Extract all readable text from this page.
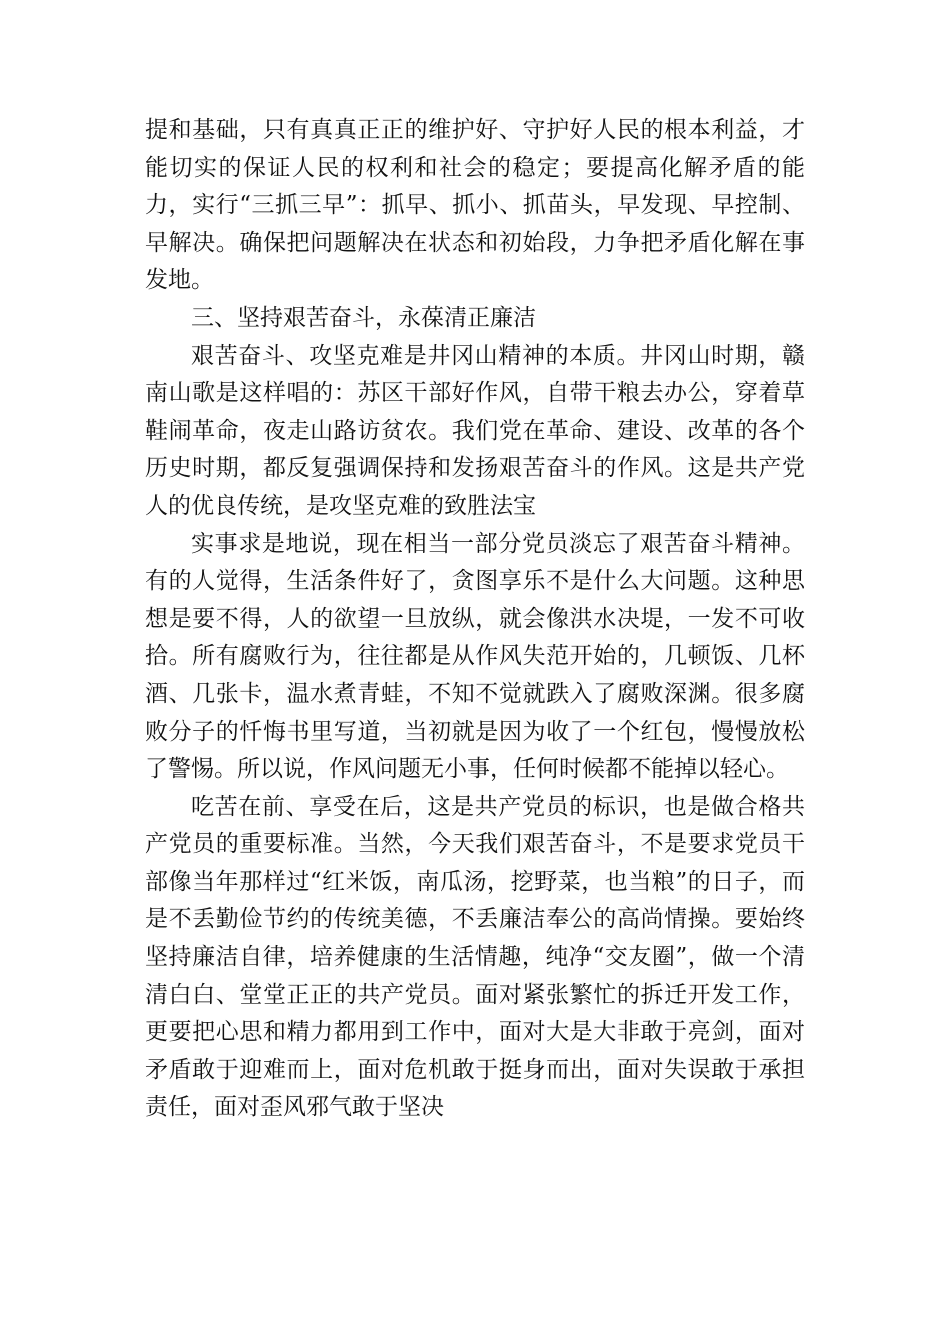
提和基础，只有真真正正的维护好、守护好人民的根本利益，才能切实的保证人民的权利和社会的稳定；要提高化解矛盾的能力，实行“三抓三早”：抓早、抓小、抓苗头，早发现、早控制、早解决。确保把问题解决在状态和初始段，力争把矛盾化解在事发地。

三、坚持艰苦奋斗，永葆清正廉洁

艰苦奋斗、攻坚克难是井冈山精神的本质。井冈山时期，赣南山歌是这样唱的：苏区干部好作风，自带干粮去办公，穿着草鞋闹革命，夜走山路访贫农。我们党在革命、建设、改革的各个历史时期，都反复强调保持和发扬艰苦奋斗的作风。这是共产党人的优良传统，是攻坚克难的致胜法宝

实事求是地说，现在相当一部分党员淡忘了艰苦奋斗精神。有的人觉得，生活条件好了，贪图享乐不是什么大问题。这种思想是要不得，人的欲望一旦放纵，就会像洪水决堤，一发不可收拾。所有腐败行为，往往都是从作风失范开始的，几顿饭、几杯酒、几张卡，温水煮青蛙，不知不觉就跌入了腐败深渊。很多腐败分子的忏悔书里写道，当初就是因为收了一个红包，慢慢放松了警惕。所以说，作风问题无小事，任何时候都不能掉以轻心。

吃苦在前、享受在后，这是共产党员的标识，也是做合格共产党员的重要标准。当然，今天我们艰苦奋斗，不是要求党员干部像当年那样过“红米饭，南瓜汤，挖野菜，也当粮”的日子，而是不丢勤俭节约的传统美德，不丢廉洁奉公的高尚情操。要始终坚持廉洁自律，培养健康的生活情趣，纯净“交友圈”，做一个清清白白、堂堂正正的共产党员。面对紧张繁忙的拆迁开发工作，更要把心思和精力都用到工作中，面对大是大非敢于亮剑，面对矛盾敢于迎难而上，面对危机敢于挺身而出，面对失误敢于承担责任，面对歪风邪气敢于坚决
